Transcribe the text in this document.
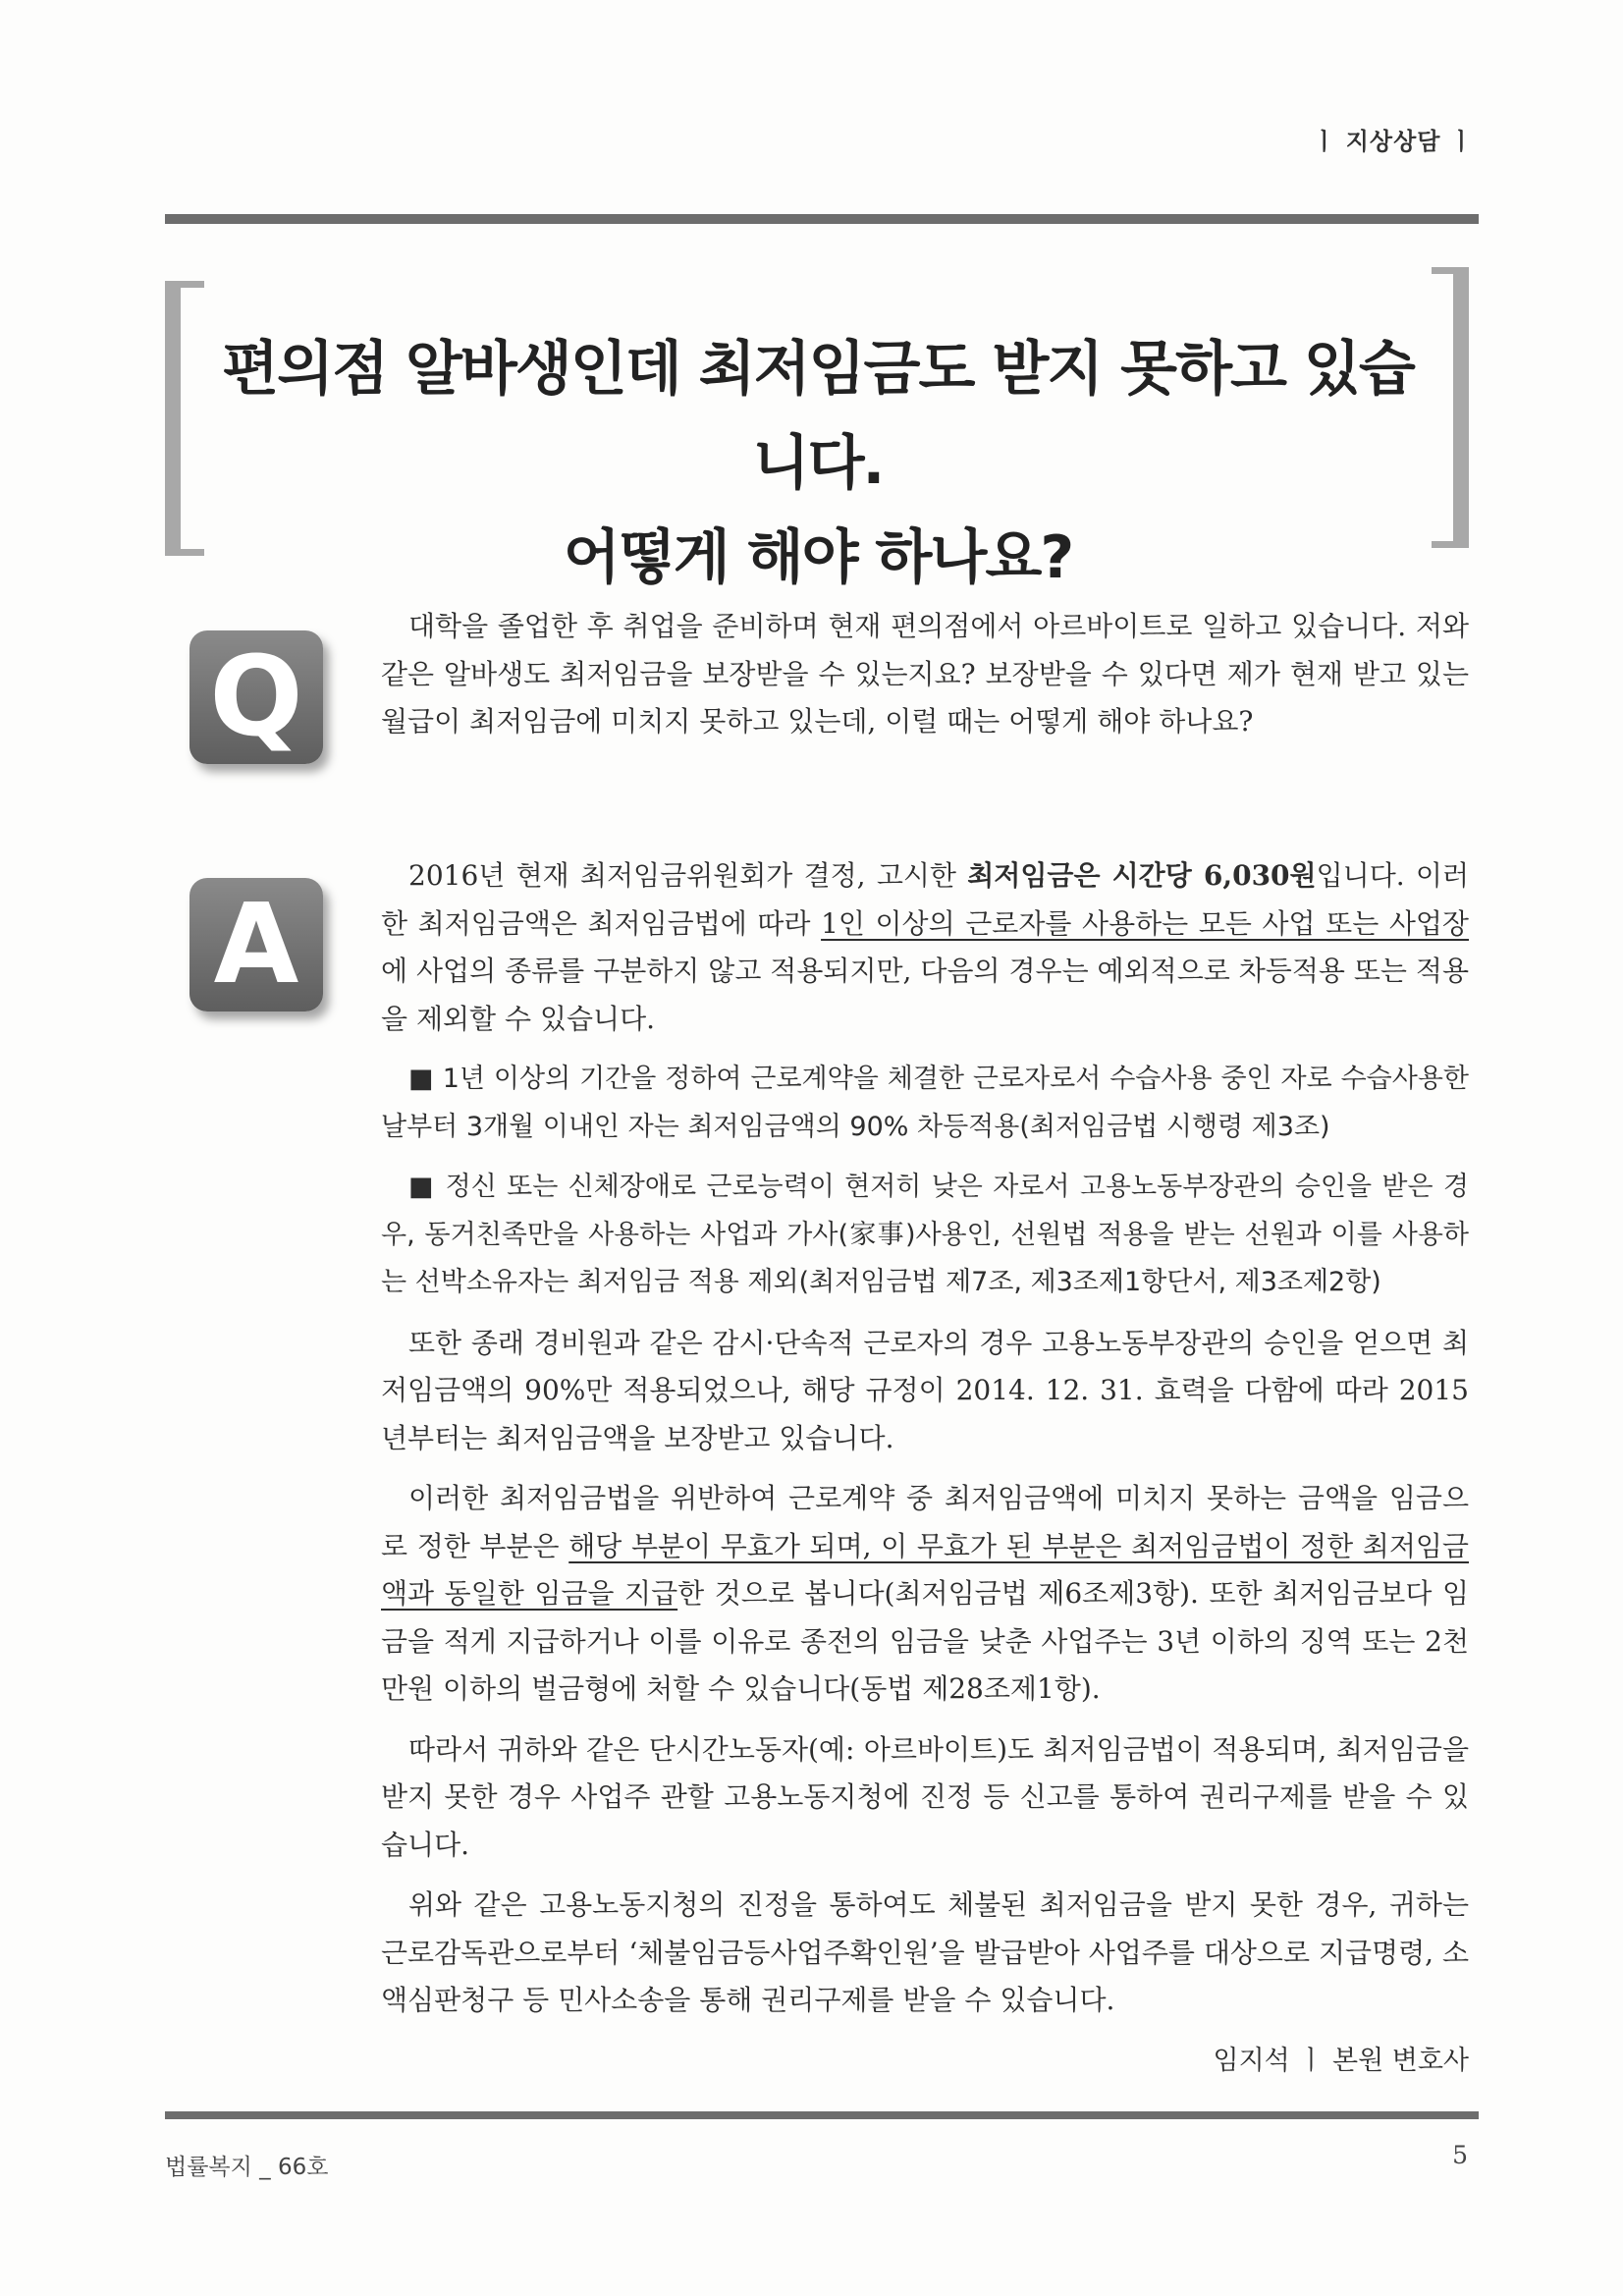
ㅣ 지상상담 ㅣ
편의점 알바생인데 최저임금도 받지 못하고 있습니다.
어떻게 해야 하나요?
Q

대학을 졸업한 후 취업을 준비하며 현재 편의점에서 아르바이트로 일하고 있습니다. 저와 같은 알바생도 최저임금을 보장받을 수 있는지요? 보장받을 수 있다면 제가 현재 받고 있는 월급이 최저임금에 미치지 못하고 있는데, 이럴 때는 어떻게 해야 하나요?

A

2016년 현재 최저임금위원회가 결정, 고시한 최저임금은 시간당 6,030원입니다. 이러한 최저임금액은 최저임금법에 따라 1인 이상의 근로자를 사용하는 모든 사업 또는 사업장에 사업의 종류를 구분하지 않고 적용되지만, 다음의 경우는 예외적으로 차등적용 또는 적용을 제외할 수 있습니다.

■ 1년 이상의 기간을 정하여 근로계약을 체결한 근로자로서 수습사용 중인 자로 수습사용한 날부터 3개월 이내인 자는 최저임금액의 90% 차등적용(최저임금법 시행령 제3조)

■ 정신 또는 신체장애로 근로능력이 현저히 낮은 자로서 고용노동부장관의 승인을 받은 경우, 동거친족만을 사용하는 사업과 가사(家事)사용인, 선원법 적용을 받는 선원과 이를 사용하는 선박소유자는 최저임금 적용 제외(최저임금법 제7조, 제3조제1항단서, 제3조제2항)

또한 종래 경비원과 같은 감시·단속적 근로자의 경우 고용노동부장관의 승인을 얻으면 최저임금액의 90%만 적용되었으나, 해당 규정이 2014. 12. 31. 효력을 다함에 따라 2015년부터는 최저임금액을 보장받고 있습니다.

이러한 최저임금법을 위반하여 근로계약 중 최저임금액에 미치지 못하는 금액을 임금으로 정한 부분은 해당 부분이 무효가 되며, 이 무효가 된 부분은 최저임금법이 정한 최저임금액과 동일한 임금을 지급한 것으로 봅니다(최저임금법 제6조제3항). 또한 최저임금보다 임금을 적게 지급하거나 이를 이유로 종전의 임금을 낮춘 사업주는 3년 이하의 징역 또는 2천만원 이하의 벌금형에 처할 수 있습니다(동법 제28조제1항).

따라서 귀하와 같은 단시간노동자(예: 아르바이트)도 최저임금법이 적용되며, 최저임금을 받지 못한 경우 사업주 관할 고용노동지청에 진정 등 신고를 통하여 권리구제를 받을 수 있습니다.

위와 같은 고용노동지청의 진정을 통하여도 체불된 최저임금을 받지 못한 경우, 귀하는 근로감독관으로부터 ‘체불임금등사업주확인원’을 발급받아 사업주를 대상으로 지급명령, 소액심판청구 등 민사소송을 통해 권리구제를 받을 수 있습니다.

임지석 ㅣ 본원 변호사

법률복지 _ 66호	5
